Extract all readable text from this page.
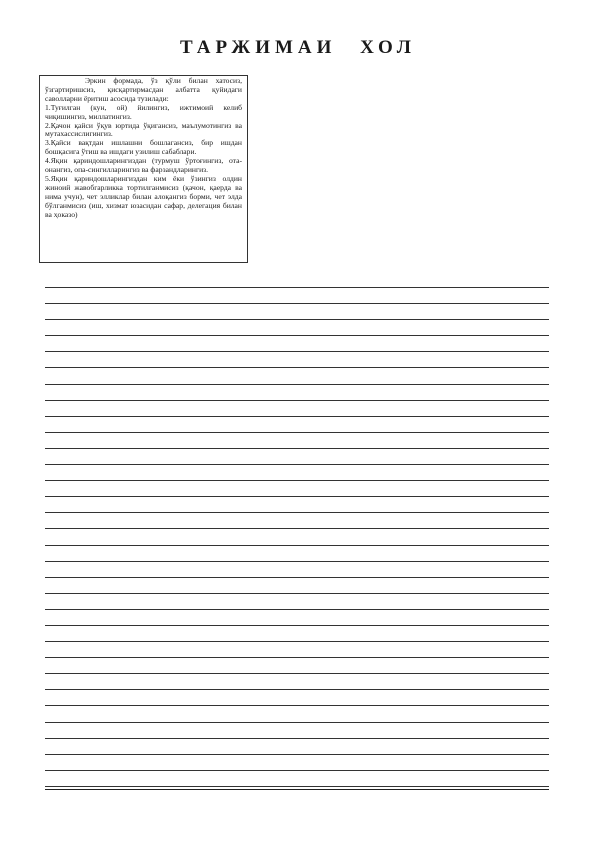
ТАРЖИМАИ ХОЛ

Эркин формада, ўз қўли билан хатосиз, ўзгартиришсиз, қисқартирмасдан албатта қуйидаги саволларни ёритиш асосида тузилади:

1.Туғилган (кун, ой) йилингиз, ижтимоий келиб чиқишингиз, миллатингиз.

2.Қачон қайси ўқув юртида ўқигансиз, маълумотингиз ва мутахассислигингиз.

3.Қайси вақтдан ишлашни бошлагансиз, бир ишдан бошқасига ўтиш ва ишдаги узилиш сабаблари.

4.Яқин қариндошларингиздан (турмуш ўртоғингиз, ота-онангиз, опа-сингилларингиз ва фарзандларингиз.

5.Яқин қариндошларингиздан ким ёки ўзингиз олдин жиноий жавобгарликка тортилганмисиз (қачон, қаерда ва нима учун), чет элликлар билан алоқангиз борми, чет элда бўлганмисиз (иш, хизмат юзасидан сафар, делегация билан ва ҳоказо)
